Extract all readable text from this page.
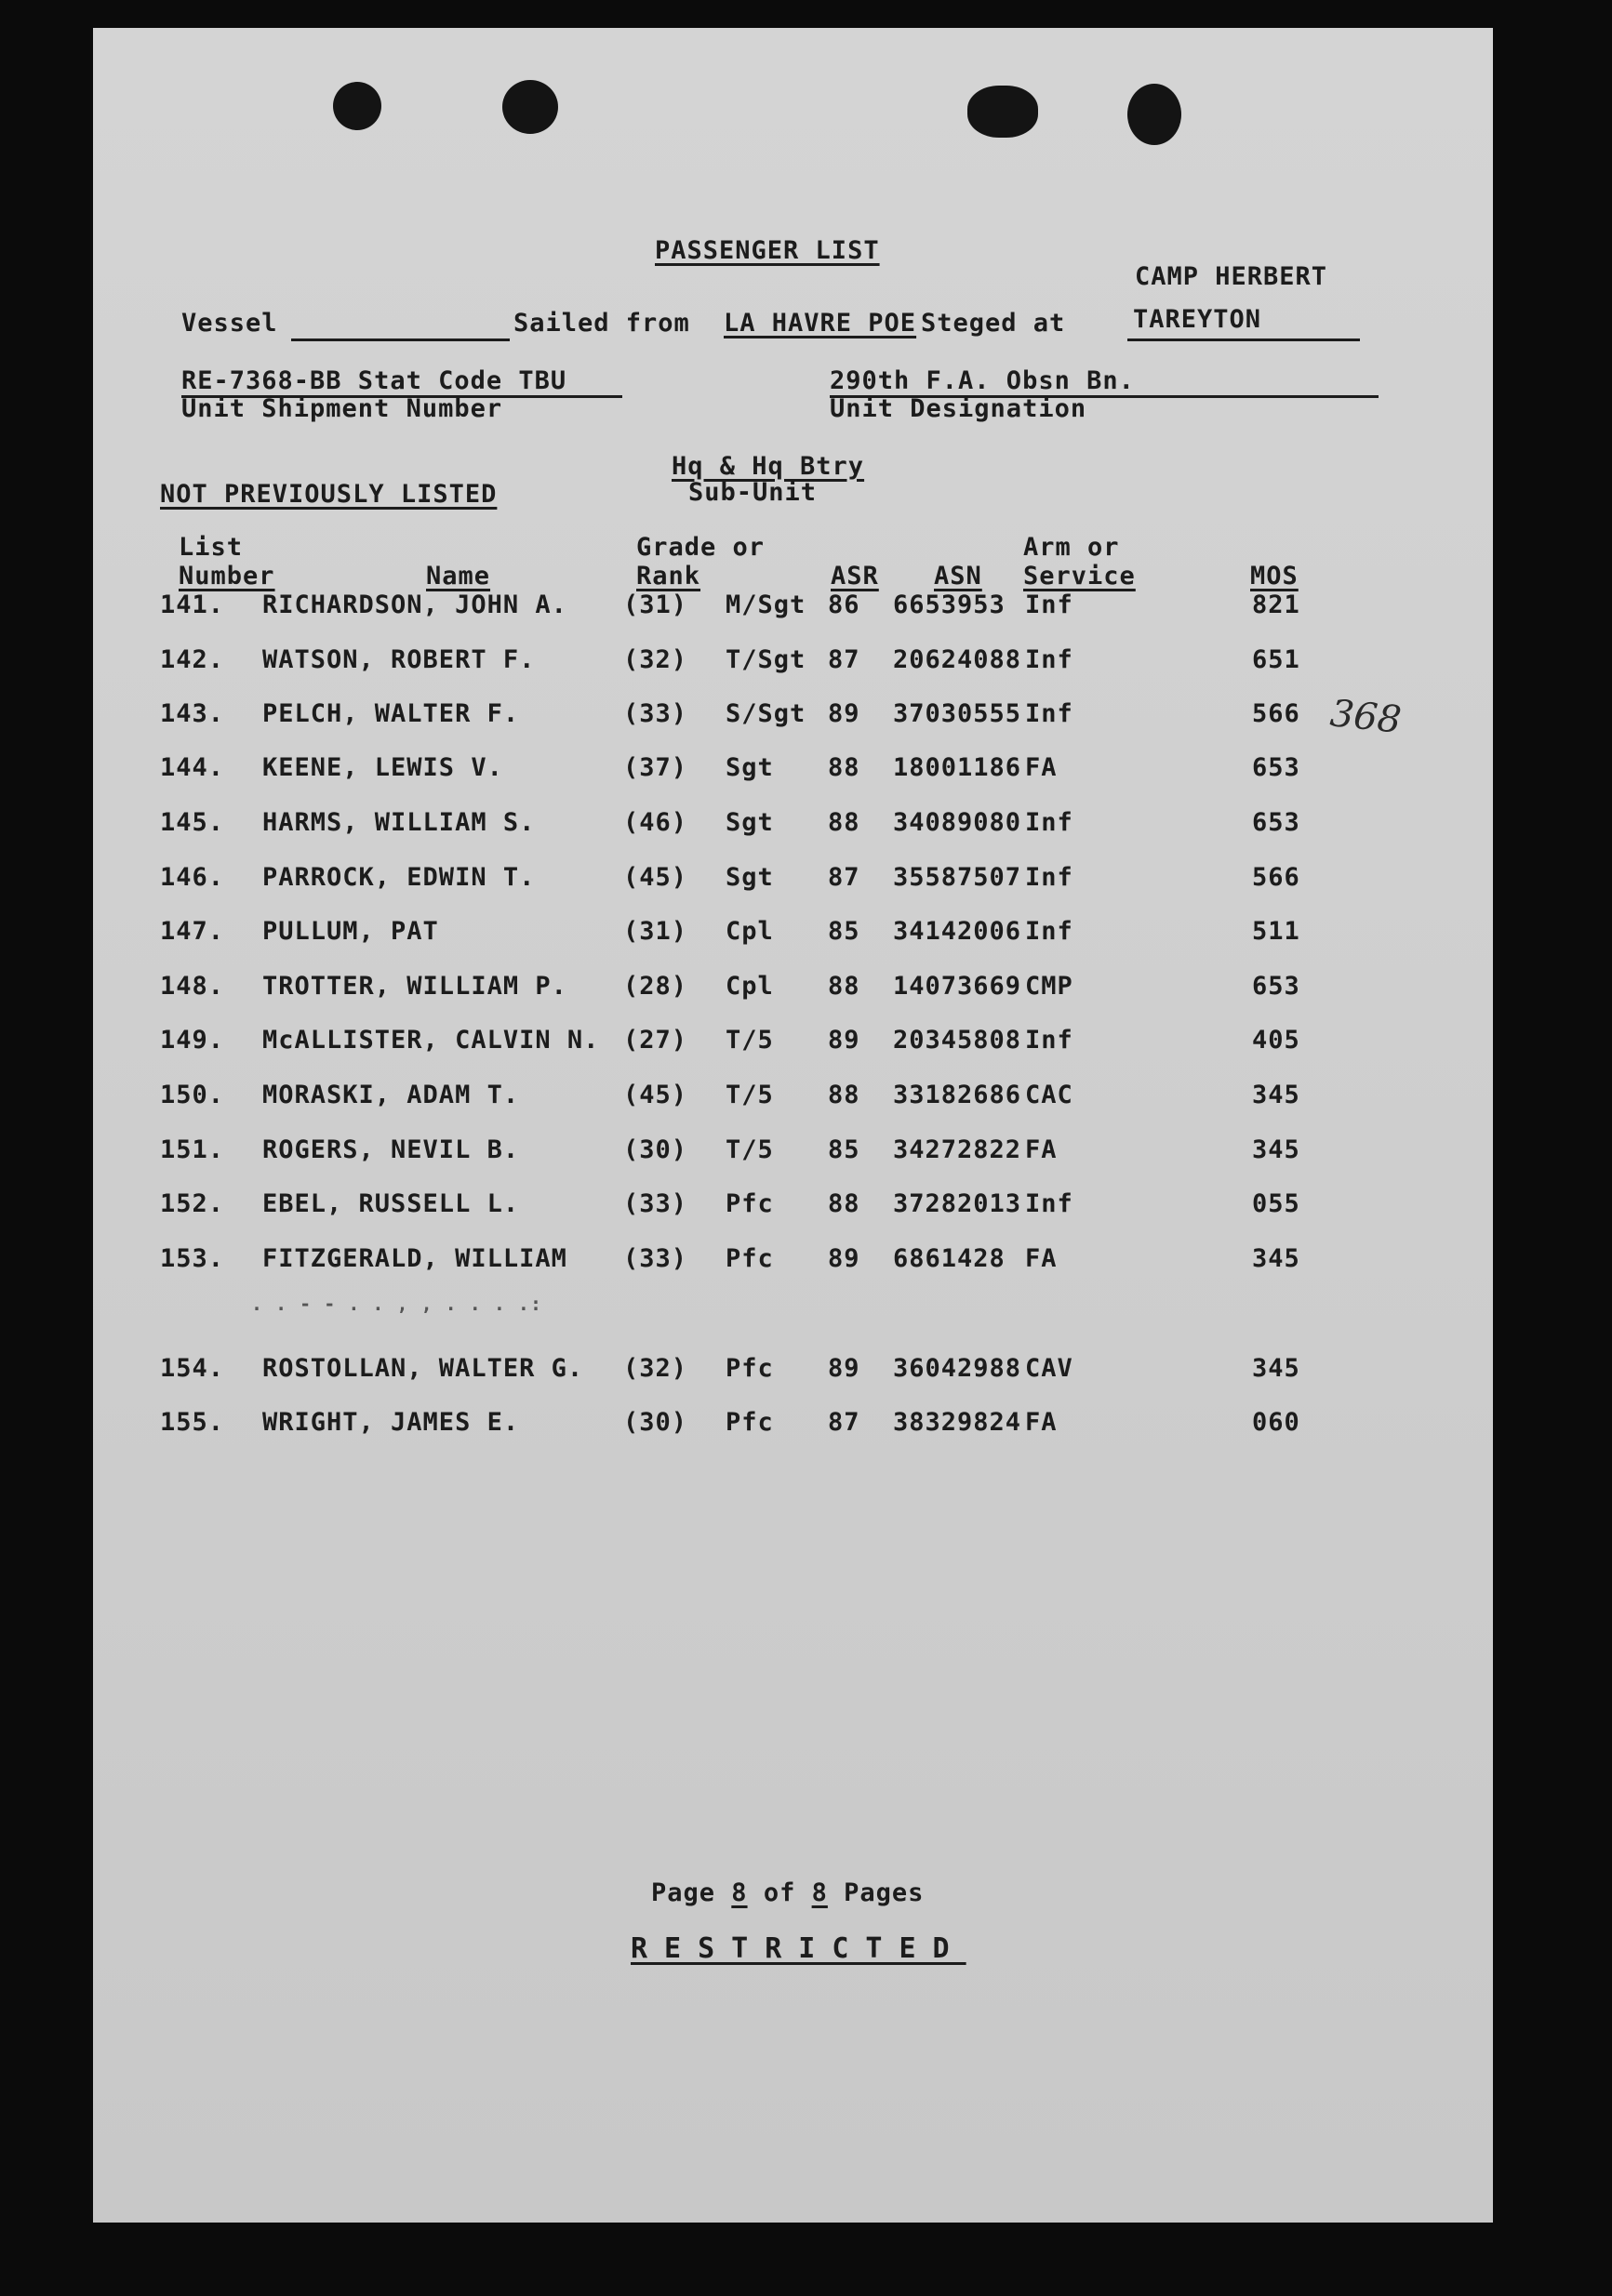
PASSENGER LIST
Vessel	Sailed from LA HAVRE POE Steged at
CAMP HERBERT
TAREYTON
RE-7368-BB Stat Code TBU
Unit Shipment Number
290th F.A. Obsn Bn.
Unit Designation
Hq & Hq Btry
Sub-Unit
NOT PREVIOUSLY LISTED
List
Number	Name
Grade or
Rank	ASR ASN
Arm or
Service	MOS
141. RICHARDSON, JOHN A. (31) M/Sgt 86 6653953 Inf	821
142. WATSON, ROBERT F.	(32) T/Sgt 87 20624088 Inf	651
143. PELCH, WALTER F.	(33) S/Sgt 89 37030555 Inf	566
144. KEENE, LEWIS V.	(37) Sgt 88 18001186 FA	653
145. HARMS, WILLIAM S.	(46) Sgt 88 34089080 Inf	653
146. PARROCK, EDWIN T.	(45) Sgt 87 35587507 Inf	566
147. PULLUM, PAT	(31) Cpl 85 34142006 Inf	511
148. TROTTER, WILLIAM P. (28) Cpl 88 14073669 CMP	653
149. McALLISTER, CALVIN N. (27) T/5 89 20345808 Inf	405
150. MORASKI, ADAM T.	(45) T/5 88 33182686 CAC	345
151. ROGERS, NEVIL B.	(30) T/5 85 34272822 FA	345
152. EBEL, RUSSELL L.	(33) Pfc 88 37282013 Inf	055
153. FITZGERALD, WILLIAM (33) Pfc 89 6861428 FA	345
154. ROSTOLLAN, WALTER G. (32) Pfc 89 36042988 CAV	345
155. WRIGHT, JAMES E.	(30) Pfc 87 38329824 FA	060
. . - - . . , , . . . .:
368
Page 8 of 8 Pages
RESTRICTED
